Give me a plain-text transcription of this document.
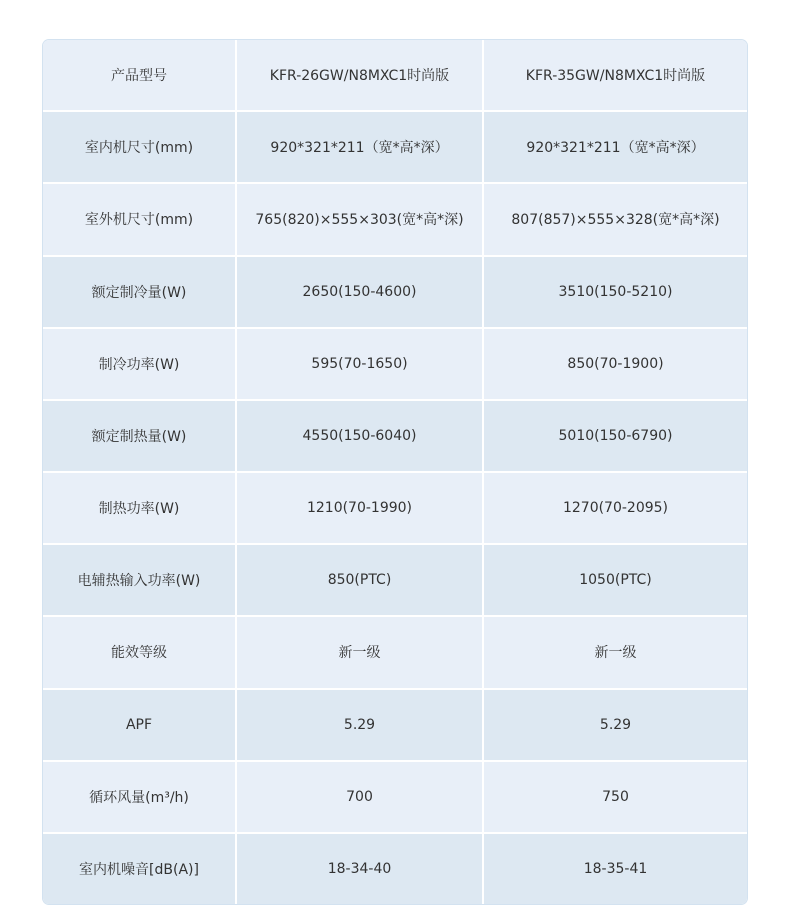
产品型号	KFR-26GW/N8MXC1时尚版	KFR-35GW/N8MXC1时尚版
室内机尺寸(mm)	920*321*211（宽*高*深）	920*321*211（宽*高*深）
室外机尺寸(mm)	765(820)×555×303(宽*高*深)	807(857)×555×328(宽*高*深)
额定制冷量(W)	2650(150-4600)	3510(150-5210)
制冷功率(W)	595(70-1650)	850(70-1900)
额定制热量(W)	4550(150-6040)	5010(150-6790)
制热功率(W)	1210(70-1990)	1270(70-2095)
电辅热输入功率(W)	850(PTC)	1050(PTC)
能效等级	新一级	新一级
APF	5.29	5.29
循环风量(m³/h)	700	750
室内机噪音[dB(A)]	18-34-40	18-35-41
